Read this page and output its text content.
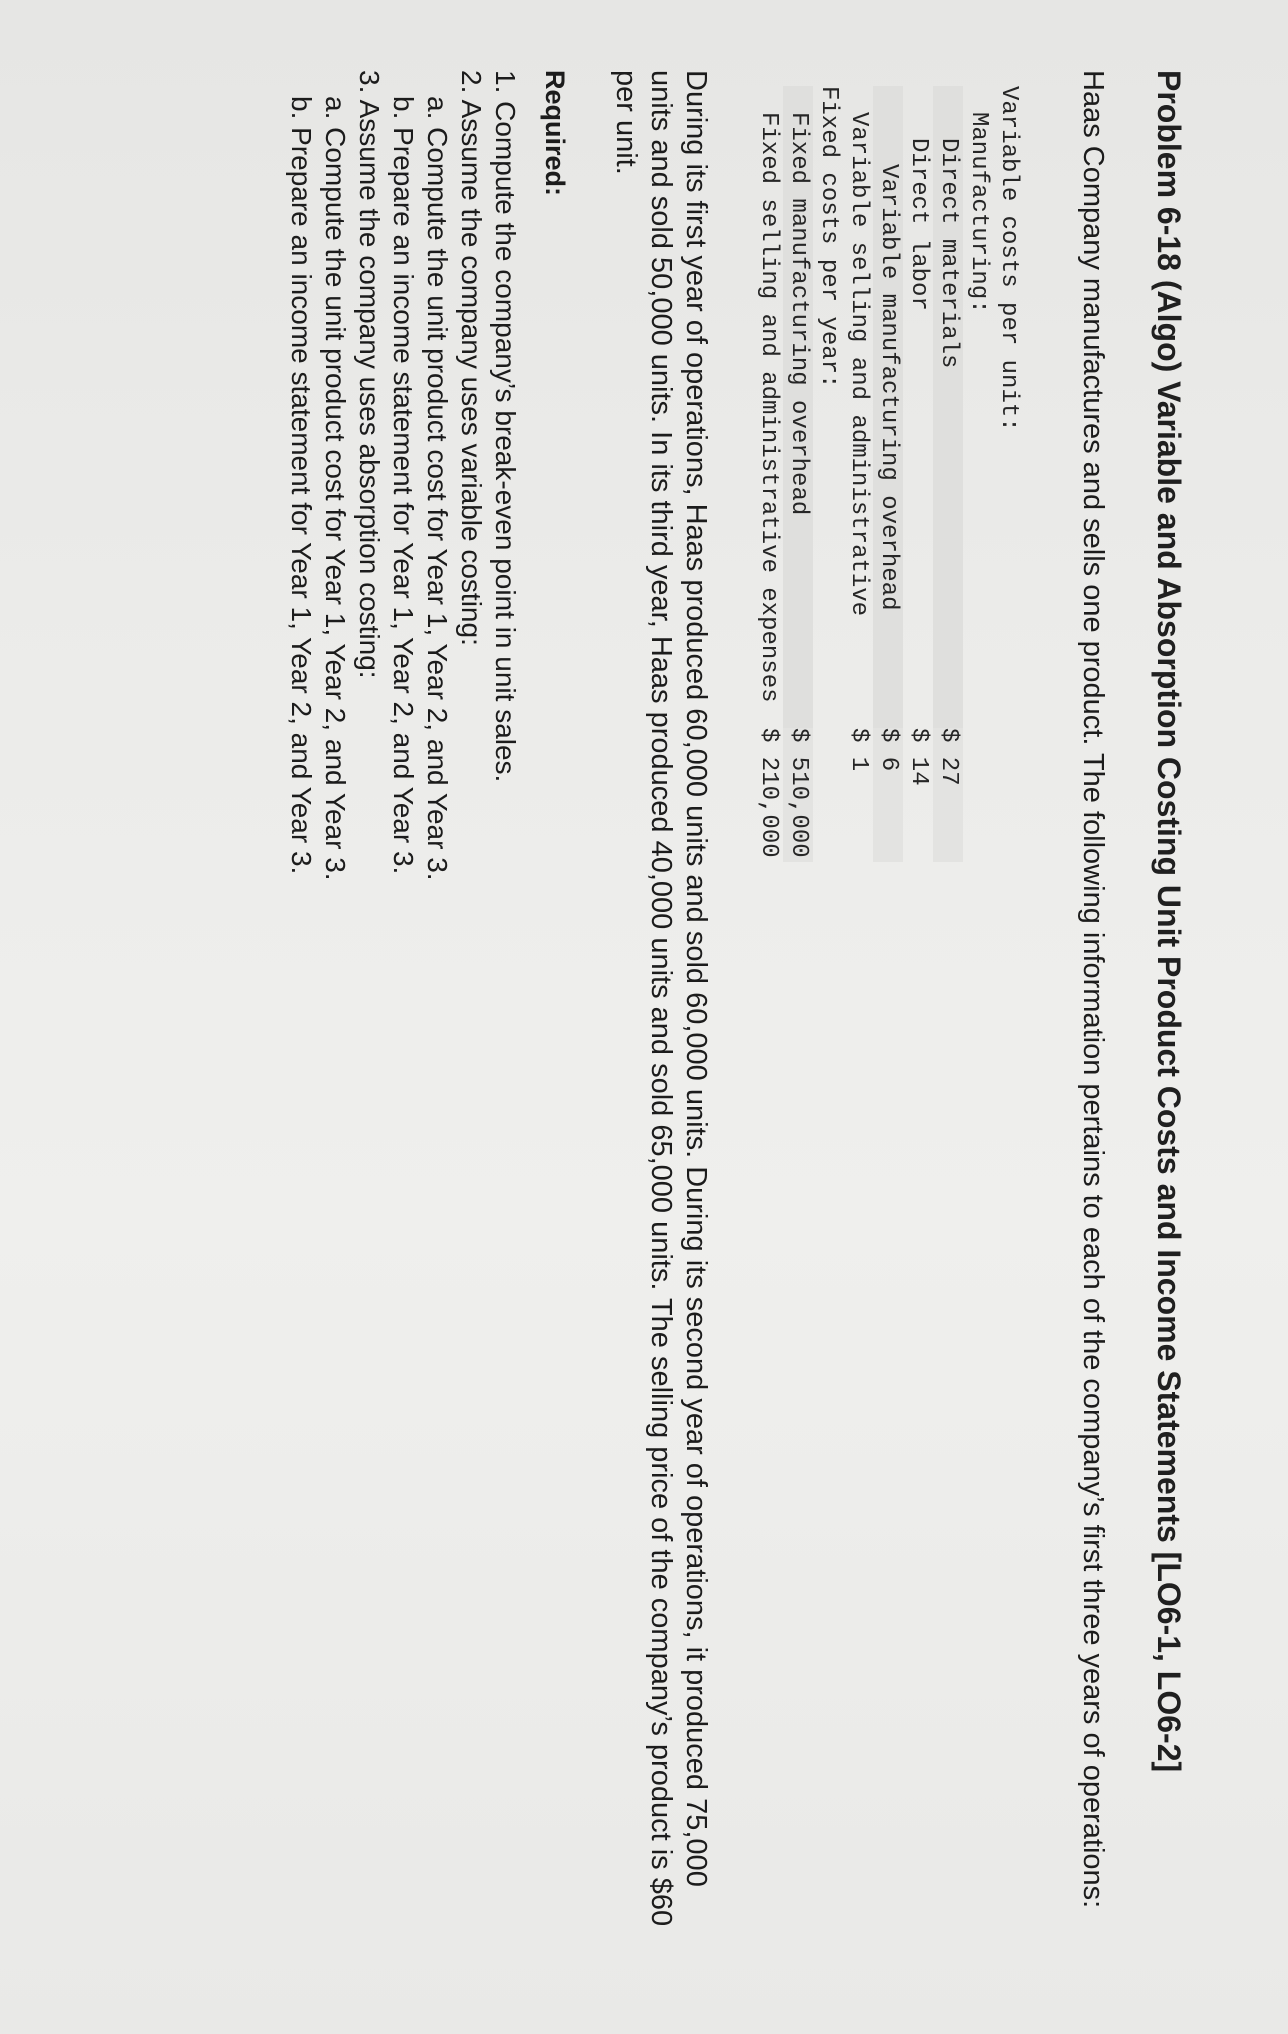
Problem 6-18 (Algo) Variable and Absorption Costing Unit Product Costs and Income Statements [LO6-1, LO6-2]
Haas Company manufactures and sells one product. The following information pertains to each of the company’s first three years of operations:
Variable costs per unit:	
Manufacturing:	
Direct materials	$ 27
Direct labor	$ 14
Variable manufacturing overhead	$ 6
Variable selling and administrative	$ 1
Fixed costs per year:	
Fixed manufacturing overhead	$ 510,000
Fixed selling and administrative expenses	$ 210,000
During its first year of operations, Haas produced 60,000 units and sold 60,000 units. During its second year of operations, it produced 75,000 units and sold 50,000 units. In its third year, Haas produced 40,000 units and sold 65,000 units. The selling price of the company’s product is $60 per unit.
Required:
1. Compute the company’s break-even point in unit sales.
2. Assume the company uses variable costing:
a. Compute the unit product cost for Year 1, Year 2, and Year 3.
b. Prepare an income statement for Year 1, Year 2, and Year 3.
3. Assume the company uses absorption costing:
a. Compute the unit product cost for Year 1, Year 2, and Year 3.
b. Prepare an income statement for Year 1, Year 2, and Year 3.
